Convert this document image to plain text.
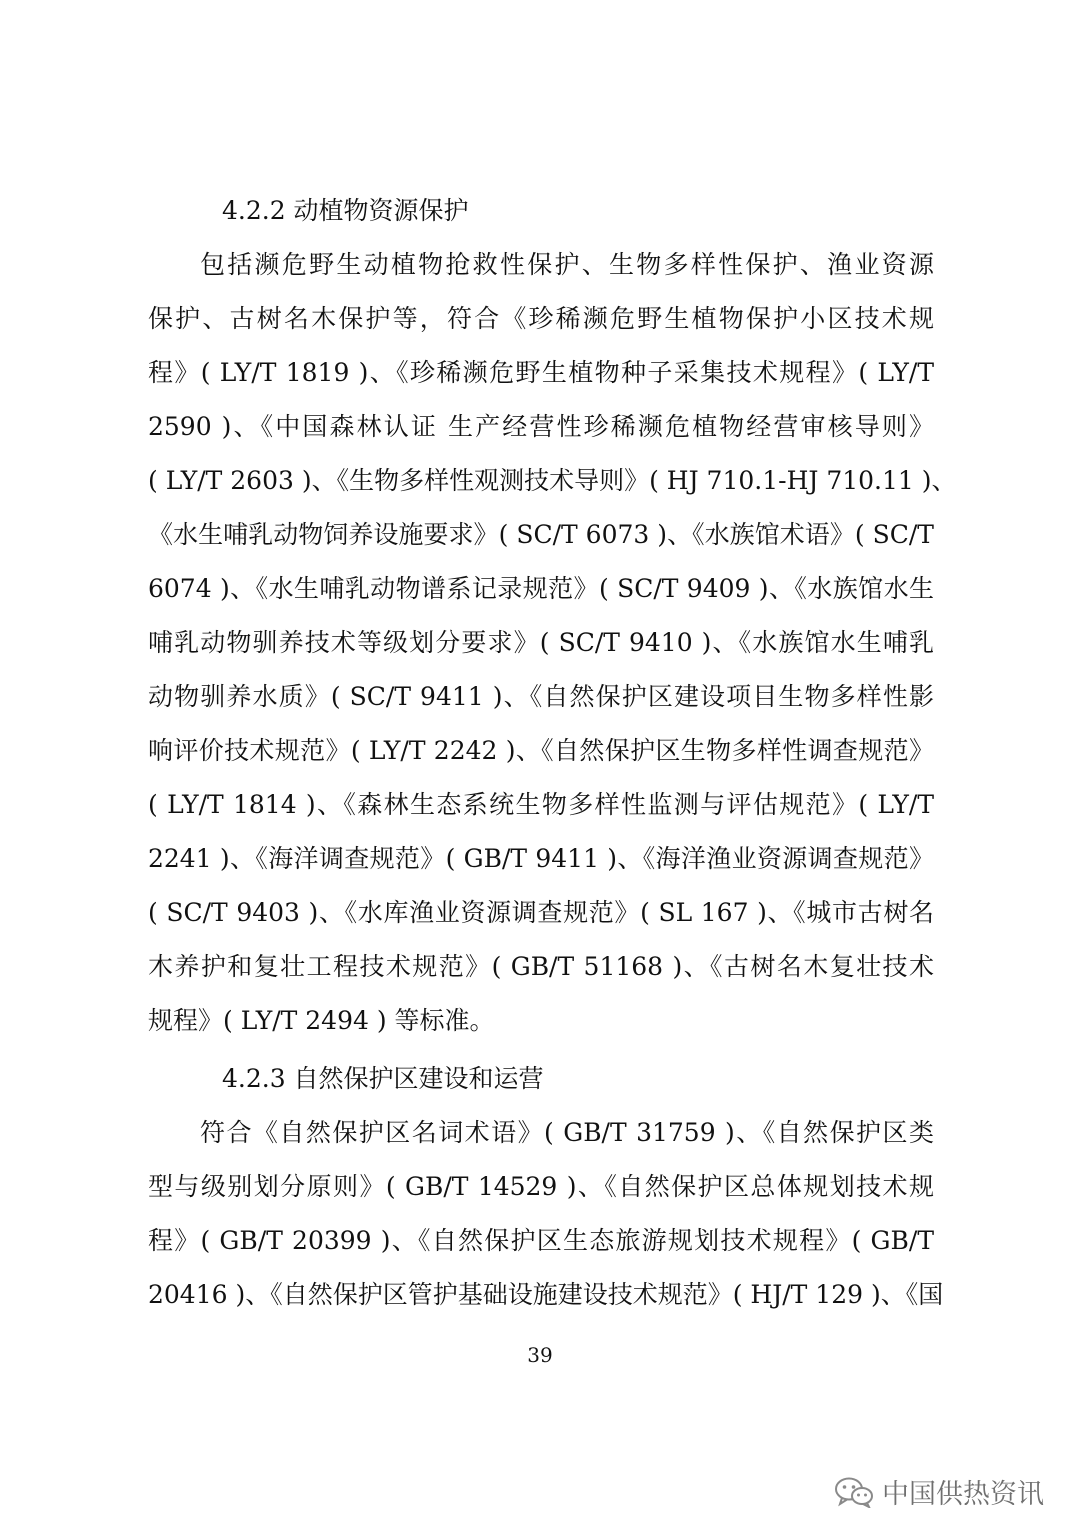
4.2.2 动植物资源保护
包括濒危野生动植物抢救性保护、生物多样性保护、渔业资源
保护、古树名木保护等，符合《珍稀濒危野生植物保护小区技术规
程》( LY/T 1819 )、《珍稀濒危野生植物种子采集技术规程》( LY/T
2590 )、《中国森林认证 生产经营性珍稀濒危植物经营审核导则》
( LY/T 2603 )、《生物多样性观测技术导则》( HJ 710.1-HJ 710.11 )、
《水生哺乳动物饲养设施要求》( SC/T 6073 )、《水族馆术语》( SC/T
6074 )、《水生哺乳动物谱系记录规范》( SC/T 9409 )、《水族馆水生
哺乳动物驯养技术等级划分要求》( SC/T 9410 )、《水族馆水生哺乳
动物驯养水质》( SC/T 9411 )、《自然保护区建设项目生物多样性影
响评价技术规范》( LY/T 2242 )、《自然保护区生物多样性调查规范》
( LY/T 1814 )、《森林生态系统生物多样性监测与评估规范》( LY/T
2241 )、《海洋调查规范》( GB/T 9411 )、《海洋渔业资源调查规范》
( SC/T 9403 )、《水库渔业资源调查规范》( SL 167 )、《城市古树名
木养护和复壮工程技术规范》( GB/T 51168 )、《古树名木复壮技术
规程》( LY/T 2494 ) 等标准。
4.2.3 自然保护区建设和运营
符合《自然保护区名词术语》( GB/T 31759 )、《自然保护区类
型与级别划分原则》( GB/T 14529 )、《自然保护区总体规划技术规
程》( GB/T 20399 )、《自然保护区生态旅游规划技术规程》( GB/T
20416 )、《自然保护区管护基础设施建设技术规范》( HJ/T 129 )、《国
39
中国供热资讯
